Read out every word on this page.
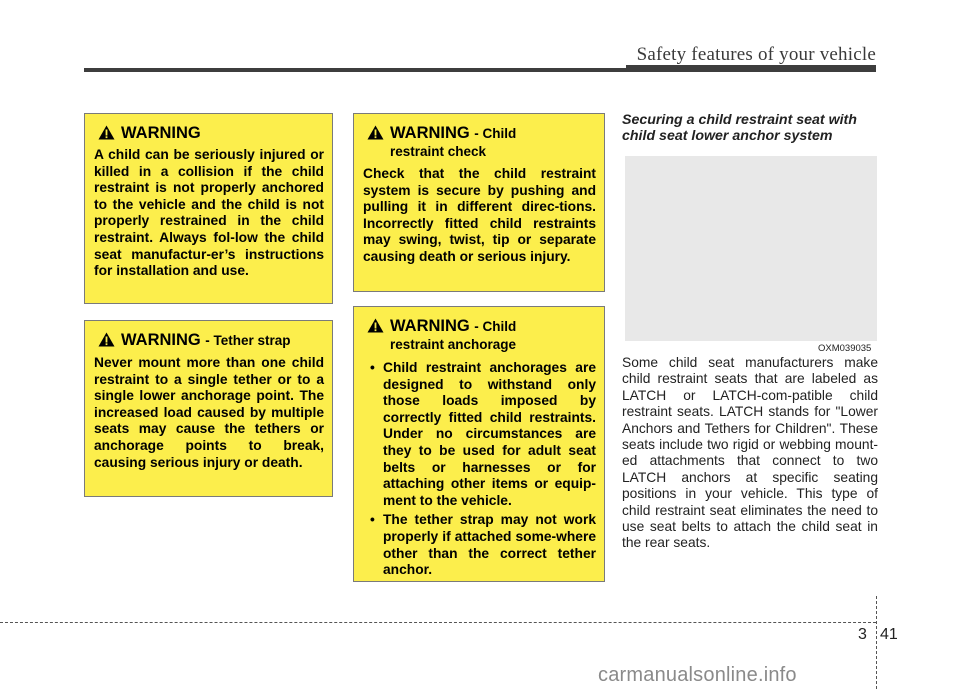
Safety features of your vehicle
WARNING
A child can be seriously injured or killed in a collision if the child restraint is not properly anchored to the vehicle and the child is not properly restrained in the child restraint. Always fol-low the child seat manufactur-er’s instructions for installation and use.
WARNING - Tether strap
Never mount more than one child restraint to a single tether or to a single lower anchorage point. The increased load caused by multiple seats may cause the tethers or anchorage points to break, causing serious injury or death.
WARNING - Child
restraint check
Check that the child restraint system is secure by pushing and pulling it in different direc-tions. Incorrectly fitted child restraints may swing, twist, tip or separate causing death or serious injury.
WARNING - Child
restraint anchorage
• Child restraint anchorages are designed to withstand only those loads imposed by correctly fitted child restraints. Under no circumstances are they to be used for adult seat belts or harnesses or for attaching other items or equip-ment to the vehicle.
• The tether strap may not work properly if attached some-where other than the correct tether anchor.
Securing a child restraint seat with child seat lower anchor system
OXM039035
Some child seat manufacturers make child restraint seats that are labeled as LATCH or LATCH-com-patible child restraint seats. LATCH stands for "Lower Anchors and Tethers for Children". These seats include two rigid or webbing mount-ed attachments that connect to two LATCH anchors at specific seating positions in your vehicle. This type of child restraint seat eliminates the need to use seat belts to attach the child seat in the rear seats.
3 41
carmanualsonline.info
